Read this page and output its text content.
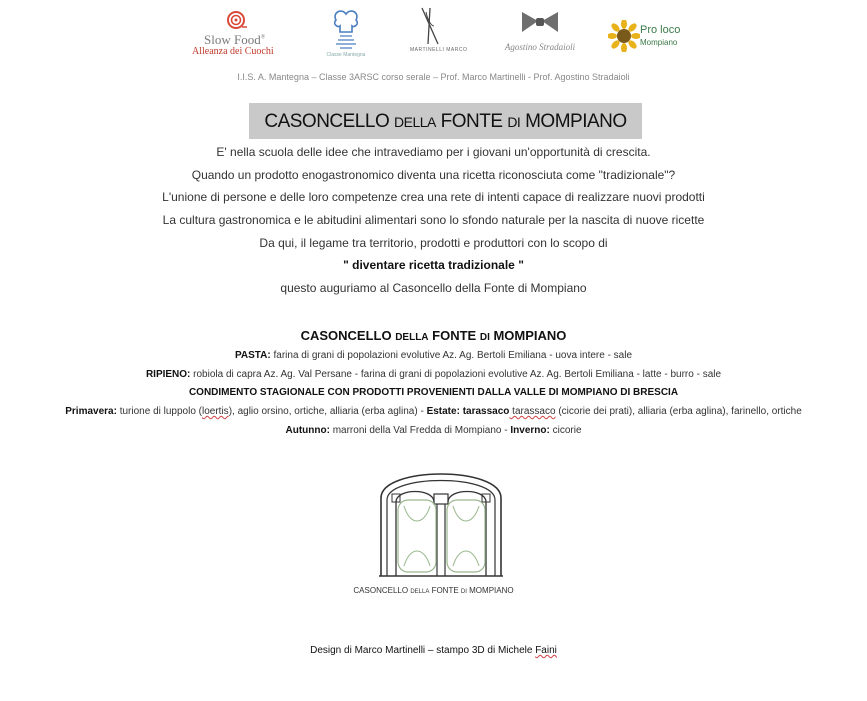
Slow Food®
Alleanza dei Cuochi	Classe Mantegna
MARTINELLI MARCO	Agostino Stradaioli
Pro loco
Mompiano
I.I.S. A. Mantegna – Classe 3ARSC corso serale – Prof. Marco Martinelli - Prof. Agostino Stradaioli
CASONCELLO DELLA FONTE DI MOMPIANO
E' nella scuola delle idee che intravediamo per i giovani un'opportunità di crescita.
Quando un prodotto enogastronomico diventa una ricetta riconosciuta come "tradizionale"?
L'unione di persone e delle loro competenze crea una rete di intenti capace di realizzare nuovi prodotti
La cultura gastronomica e le abitudini alimentari sono lo sfondo naturale per la nascita di nuove ricette
Da qui, il legame tra territorio, prodotti e produttori con lo scopo di
" diventare ricetta tradizionale "
questo auguriamo al Casoncello della Fonte di Mompiano
CASONCELLO DELLA FONTE DI MOMPIANO
PASTA: farina di grani di popolazioni evolutive Az. Ag. Bertoli Emiliana - uova intere - sale
RIPIENO: robiola di capra Az. Ag. Val Persane - farina di grani di popolazioni evolutive Az. Ag. Bertoli Emiliana - latte - burro - sale
CONDIMENTO STAGIONALE CON PRODOTTI PROVENIENTI DALLA VALLE DI MOMPIANO DI BRESCIA
Primavera: turione di luppolo (loertis), aglio orsino, ortiche, alliaria (erba aglina) - Estate: tarassaco tarassaco (cicorie dei prati), alliaria (erba aglina), farinello, ortiche
Autunno: marroni della Val Fredda di Mompiano - Inverno: cicorie
CASONCELLO DELLA FONTE DI MOMPIANO
Design di Marco Martinelli – stampo 3D di Michele Faini
